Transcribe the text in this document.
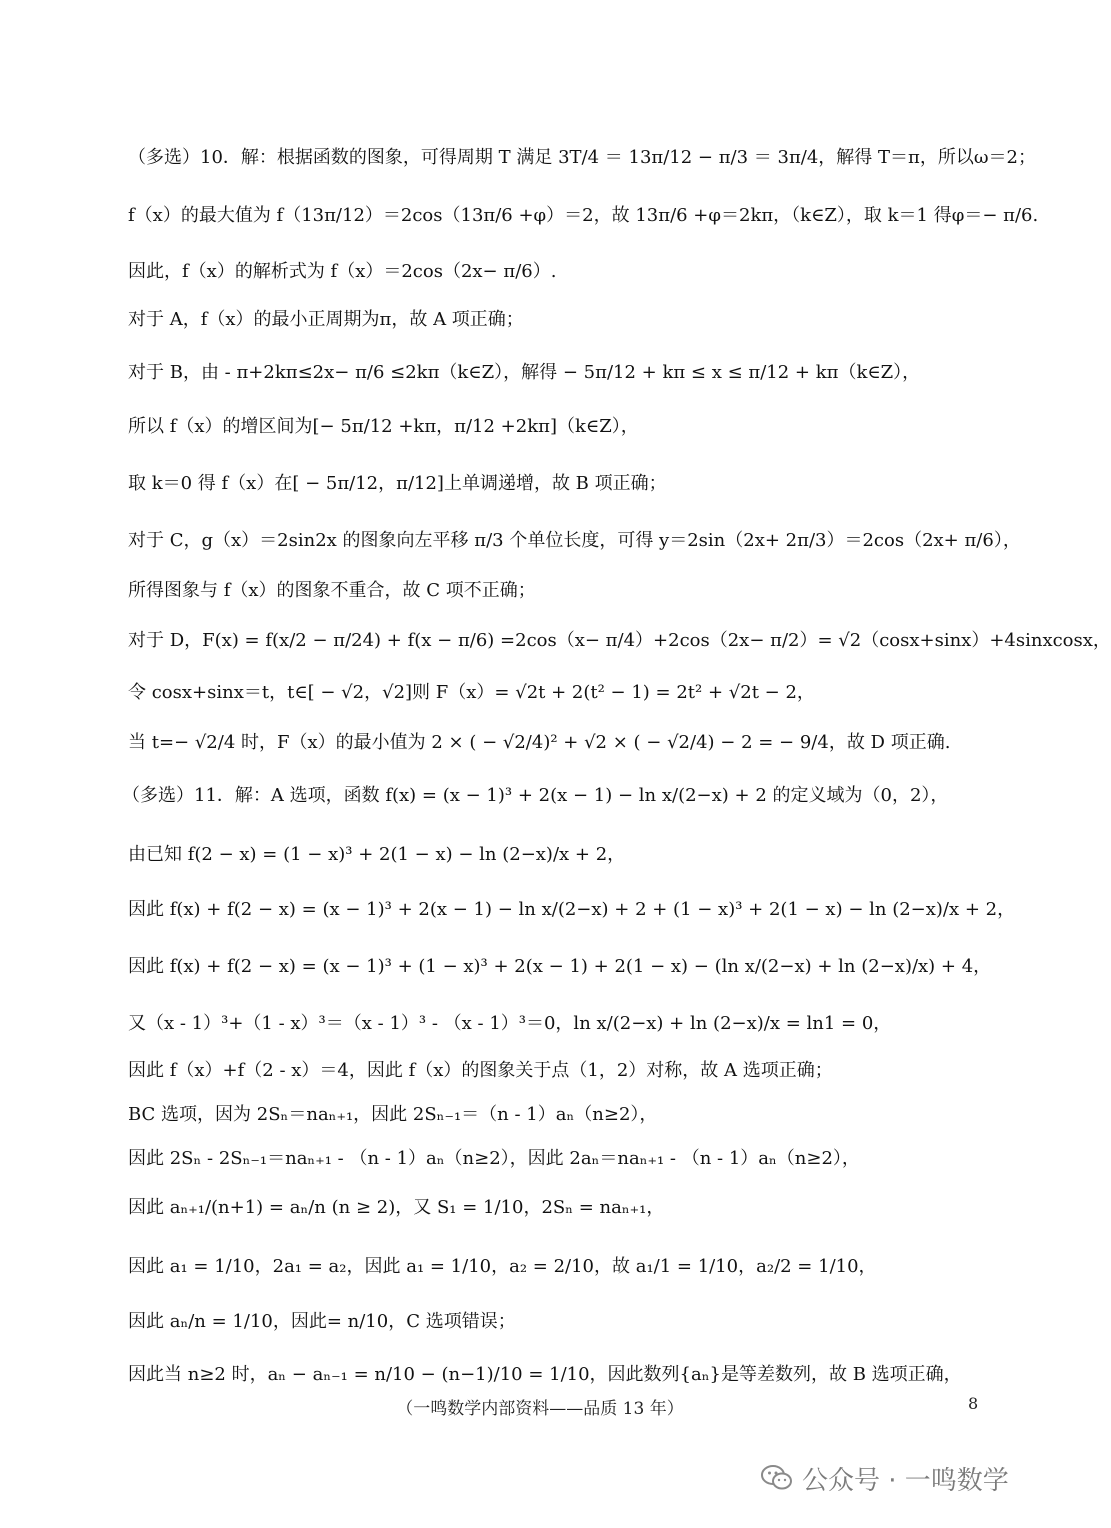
（多选）10．解：根据函数的图象，可得周期 T 满足 3T/4 ＝ 13π/12 − π/3 ＝ 3π/4，解得 T＝π，所以ω＝2；
f（x）的最大值为 f（13π/12）＝2cos（13π/6 +φ）＝2，故 13π/6 +φ＝2kπ，（k∈Z），取 k＝1 得φ＝− π/6.
因此，f（x）的解析式为 f（x）＝2cos（2x− π/6）.
对于 A，f（x）的最小正周期为π，故 A 项正确；
对于 B，由 - π+2kπ≤2x− π/6 ≤2kπ（k∈Z），解得 − 5π/12 + kπ ≤ x ≤ π/12 + kπ（k∈Z），
所以 f（x）的增区间为[− 5π/12 +kπ，π/12 +2kπ]（k∈Z），
取 k＝0 得 f（x）在[ − 5π/12，π/12]上单调递增，故 B 项正确；
对于 C，g（x）＝2sin2x 的图象向左平移 π/3 个单位长度，可得 y＝2sin（2x+ 2π/3）＝2cos（2x+ π/6），
所得图象与 f（x）的图象不重合，故 C 项不正确；
对于 D，F(x) = f(x/2 − π/24) + f(x − π/6) =2cos（x− π/4）+2cos（2x− π/2）= √2（cosx+sinx）+4sinxcosx，
令 cosx+sinx＝t，t∈[ − √2，√2]则 F（x）= √2t + 2(t² − 1) = 2t² + √2t − 2，
当 t=− √2/4 时，F（x）的最小值为 2 × ( − √2/4)² + √2 × ( − √2/4) − 2 = − 9/4，故 D 项正确.
（多选）11．解：A 选项，函数 f(x) = (x − 1)³ + 2(x − 1) − ln x/(2−x) + 2 的定义域为（0，2），
由已知 f(2 − x) = (1 − x)³ + 2(1 − x) − ln (2−x)/x + 2，
因此 f(x) + f(2 − x) = (x − 1)³ + 2(x − 1) − ln x/(2−x) + 2 + (1 − x)³ + 2(1 − x) − ln (2−x)/x + 2，
因此 f(x) + f(2 − x) = (x − 1)³ + (1 − x)³ + 2(x − 1) + 2(1 − x) − (ln x/(2−x) + ln (2−x)/x) + 4，
又（x - 1）³+（1 - x）³＝（x - 1）³ - （x - 1）³＝0，ln x/(2−x) + ln (2−x)/x = ln1 = 0，
因此 f（x）+f（2 - x）＝4，因此 f（x）的图象关于点（1，2）对称，故 A 选项正确；
BC 选项，因为 2Sₙ＝naₙ₊₁，因此 2Sₙ₋₁＝（n - 1）aₙ（n≥2），
因此 2Sₙ - 2Sₙ₋₁＝naₙ₊₁ - （n - 1）aₙ（n≥2），因此 2aₙ＝naₙ₊₁ - （n - 1）aₙ（n≥2），
因此 aₙ₊₁/(n+1) = aₙ/n (n ≥ 2)，又 S₁ = 1/10，2Sₙ = naₙ₊₁，
因此 a₁ = 1/10，2a₁ = a₂，因此 a₁ = 1/10，a₂ = 2/10，故 a₁/1 = 1/10，a₂/2 = 1/10，
因此 aₙ/n = 1/10，因此= n/10，C 选项错误；
因此当 n≥2 时，aₙ − aₙ₋₁ = n/10 − (n−1)/10 = 1/10，因此数列{aₙ}是等差数列，故 B 选项正确，
（一鸣数学内部资料——品质 13 年）	8
公众号 · 一鸣数学
